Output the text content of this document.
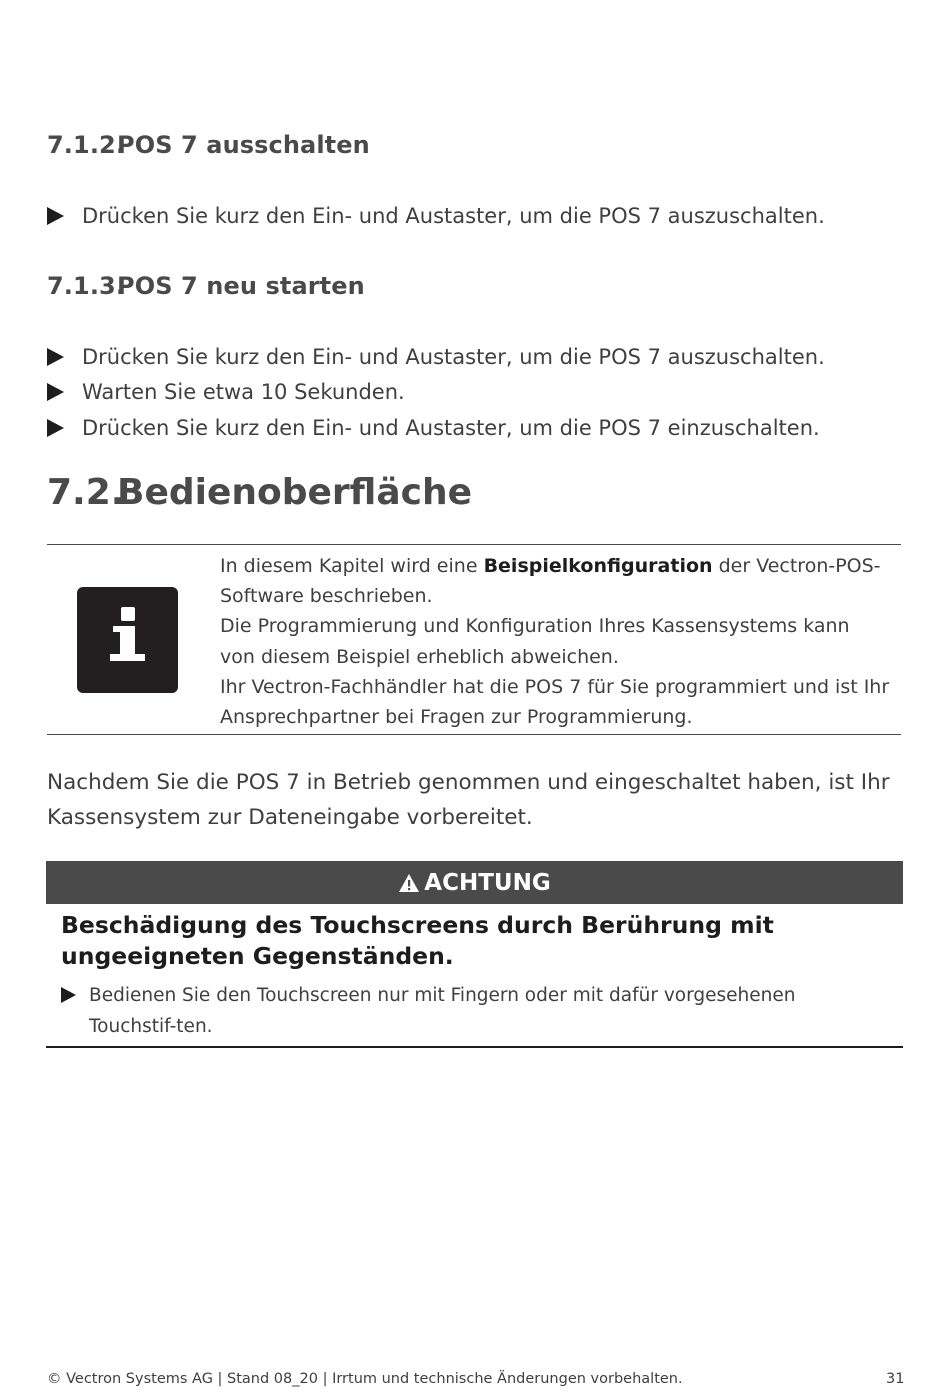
7.1.2.POS 7 ausschalten
Drücken Sie kurz den Ein- und Austaster, um die POS 7 auszuschalten.
7.1.3.POS 7 neu starten
Drücken Sie kurz den Ein- und Austaster, um die POS 7 auszuschalten.
Warten Sie etwa 10 Sekunden.
Drücken Sie kurz den Ein- und Austaster, um die POS 7 einzuschalten.
7.2.Bedienoberfläche
In diesem Kapitel wird eine Beispielkonfiguration der Vectron-POS-Software beschrieben.
Die Programmierung und Konfiguration Ihres Kassensystems kann von diesem Beispiel erheblich abweichen.
Ihr Vectron-Fachhändler hat die POS 7 für Sie programmiert und ist Ihr Ansprechpartner bei Fragen zur Programmierung.
Nachdem Sie die POS 7 in Betrieb genommen und eingeschaltet haben, ist Ihr Kassensystem zur Dateneingabe vorbereitet.
ACHTUNG
Beschädigung des Touchscreens durch Berührung mit ungeeigneten Gegenständen.
Bedienen Sie den Touchscreen nur mit Fingern oder mit dafür vorgesehenen Touchstif-ten.
© Vectron Systems AG | Stand 08_20 | Irrtum und technische Änderungen vorbehalten.	31
